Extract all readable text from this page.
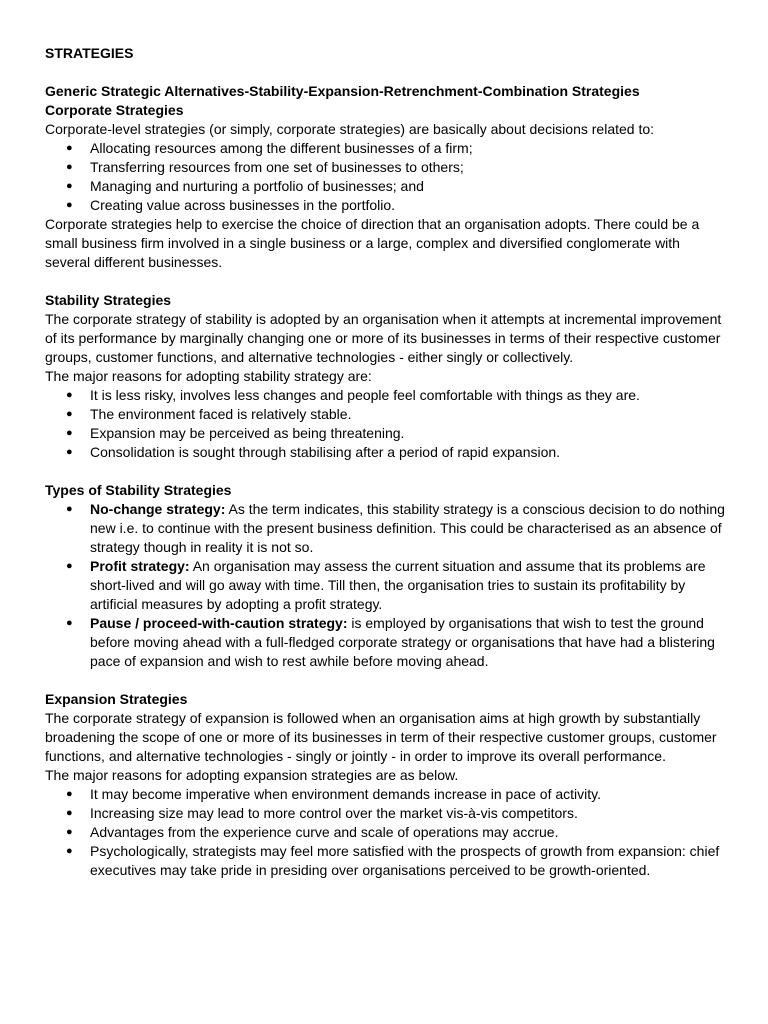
STRATEGIES

Generic Strategic Alternatives-Stability-Expansion-Retrenchment-Combination Strategies

Corporate Strategies

Corporate-level strategies (or simply, corporate strategies) are basically about decisions related to:

● Allocating resources among the different businesses of a firm;
● Transferring resources from one set of businesses to others;
● Managing and nurturing a portfolio of businesses; and
● Creating value across businesses in the portfolio.

Corporate strategies help to exercise the choice of direction that an organisation adopts. There could be a small business firm involved in a single business or a large, complex and diversified conglomerate with several different businesses.

Stability Strategies

The corporate strategy of stability is adopted by an organisation when it attempts at incremental improvement of its performance by marginally changing one or more of its businesses in terms of their respective customer groups, customer functions, and alternative technologies - either singly or collectively.

The major reasons for adopting stability strategy are:

● It is less risky, involves less changes and people feel comfortable with things as they are.
● The environment faced is relatively stable.
● Expansion may be perceived as being threatening.
● Consolidation is sought through stabilising after a period of rapid expansion.

Types of Stability Strategies

● No-change strategy: As the term indicates, this stability strategy is a conscious decision to do nothing new i.e. to continue with the present business definition. This could be characterised as an absence of strategy though in reality it is not so.
● Profit strategy: An organisation may assess the current situation and assume that its problems are short-lived and will go away with time. Till then, the organisation tries to sustain its profitability by artificial measures by adopting a profit strategy.
● Pause / proceed-with-caution strategy: is employed by organisations that wish to test the ground before moving ahead with a full-fledged corporate strategy or organisations that have had a blistering pace of expansion and wish to rest awhile before moving ahead.

Expansion Strategies

The corporate strategy of expansion is followed when an organisation aims at high growth by substantially broadening the scope of one or more of its businesses in term of their respective customer groups, customer functions, and alternative technologies - singly or jointly - in order to improve its overall performance.

The major reasons for adopting expansion strategies are as below.

● It may become imperative when environment demands increase in pace of activity.
● Increasing size may lead to more control over the market vis-à-vis competitors.
● Advantages from the experience curve and scale of operations may accrue.
● Psychologically, strategists may feel more satisfied with the prospects of growth from expansion: chief executives may take pride in presiding over organisations perceived to be growth-oriented.
